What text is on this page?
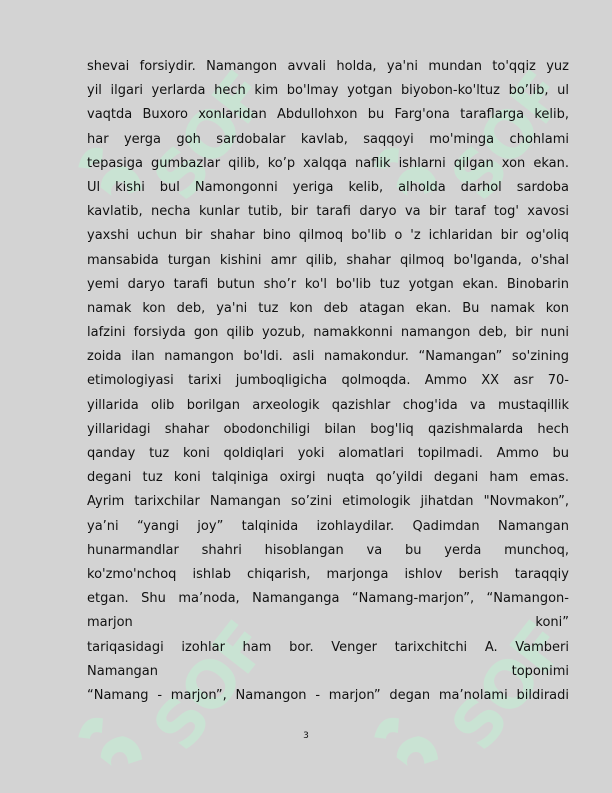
SOF SOF
SOF SOF
shevai forsiydir. Namangon avvali holda, ya'ni mundan to'qqiz yuz
yil ilgari yerlarda hech kim bo'lmay yotgan biyobon-ko'ltuz bo’lib, ul
vaqtda Buxoro xonlaridan Abdullohxon bu Farg'ona taraflarga kelib,
har yerga goh sardobalar kavlab, saqqoyi mo'minga chohlami
tepasiga gumbazlar qilib, ko’p xalqqa naflik ishlarni qilgan xon ekan.
Ul kishi bul Namongonni yeriga kelib, alholda darhol sardoba
kavlatib, necha kunlar tutib, bir tarafi daryo va bir taraf tog' xavosi
yaxshi uchun bir shahar bino qilmoq bo'lib o 'z ichlaridan bir og'oliq
mansabida turgan kishini amr qilib, shahar qilmoq bo'lganda, o'shal
yemi daryo tarafi butun sho’r ko'l bo'lib tuz yotgan ekan. Binobarin
namak kon deb, ya'ni tuz kon deb atagan ekan. Bu namak kon
lafzini forsiyda gon qilib yozub, namakkonni namangon deb, bir nuni
zoida ilan namangon bo'ldi. asli namakondur. “Namangan” so'zining
etimologiyasi tarixi jumboqligicha qolmoqda. Ammo XX asr 70-
yillarida olib borilgan arxeologik qazishlar chog'ida va mustaqillik
yillaridagi shahar obodonchiligi bilan bog'liq qazishmalarda hech
qanday tuz koni qoldiqlari yoki alomatlari topilmadi. Ammo bu
degani tuz koni talqiniga oxirgi nuqta qo’yildi degani ham emas.
Ayrim tarixchilar Namangan so’zini etimologik jihatdan "Novmakon”,
ya’ni “yangi joy” talqinida izohlaydilar. Qadimdan Namangan
hunarmandlar shahri hisoblangan va bu yerda munchoq,
ko'zmo'nchoq ishlab chiqarish, marjonga ishlov berish taraqqiy
etgan. Shu ma’noda, Namanganga “Namang-marjon”, “Namangon-
marjon koni”
tariqasidagi izohlar ham bor. Venger tarixchitchi A. Vamberi
Namangan toponimi
“Namang - marjon”, Namangon - marjon” degan ma’nolami bildiradi
3
